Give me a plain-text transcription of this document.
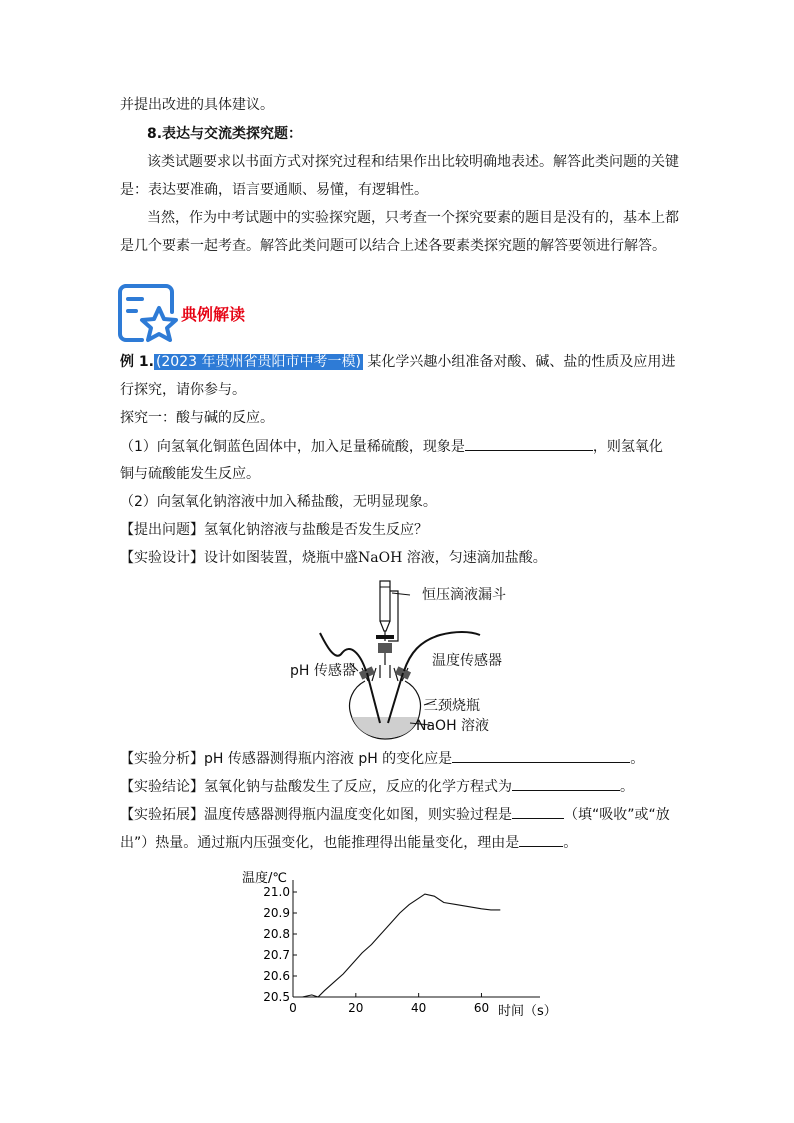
并提出改进的具体建议。
8.表达与交流类探究题：
该类试题要求以书面方式对探究过程和结果作出比较明确地表述。解答此类问题的关键
是：表达要准确，语言要通顺、易懂，有逻辑性。
当然，作为中考试题中的实验探究题，只考查一个探究要素的题目是没有的，基本上都
是几个要素一起考查。解答此类问题可以结合上述各要素类探究题的解答要领进行解答。
典例解读
例 1. (2023 年贵州省贵阳市中考一模) 某化学兴趣小组准备对酸、碱、盐的性质及应用进
行探究，请你参与。
探究一：酸与碱的反应。
（1）向氢氧化铜蓝色固体中，加入足量稀硫酸，现象是	，则氢氧化
铜与硫酸能发生反应。
（2）向氢氧化钠溶液中加入稀盐酸，无明显现象。
【提出问题】氢氧化钠溶液与盐酸是否发生反应？
【实验设计】设计如图装置，烧瓶中盛NaOH 溶液，匀速滴加盐酸。
恒压滴液漏斗
温度传感器
pH 传感器
三颈烧瓶
NaOH 溶液
【实验分析】pH 传感器测得瓶内溶液 pH 的变化应是	。
【实验结论】氢氧化钠与盐酸发生了反应，反应的化学方程式为	。
【实验拓展】温度传感器测得瓶内温度变化如图，则实验过程是	（填“吸收”或“放
出”）热量。通过瓶内压强变化，也能推理得出能量变化，理由是	。
温度/℃
时间（s）
0	20	40	60
20.5
20.6
20.7
20.8
20.9
21.0
